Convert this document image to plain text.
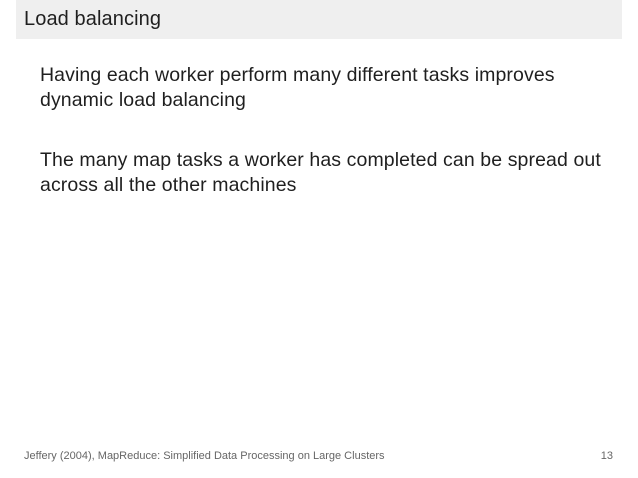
Load balancing

Having each worker perform many different tasks improves dynamic load balancing

The many map tasks a worker has completed can be spread out across all the other machines

Jeffery (2004), MapReduce: Simplified Data Processing on Large Clusters	13
